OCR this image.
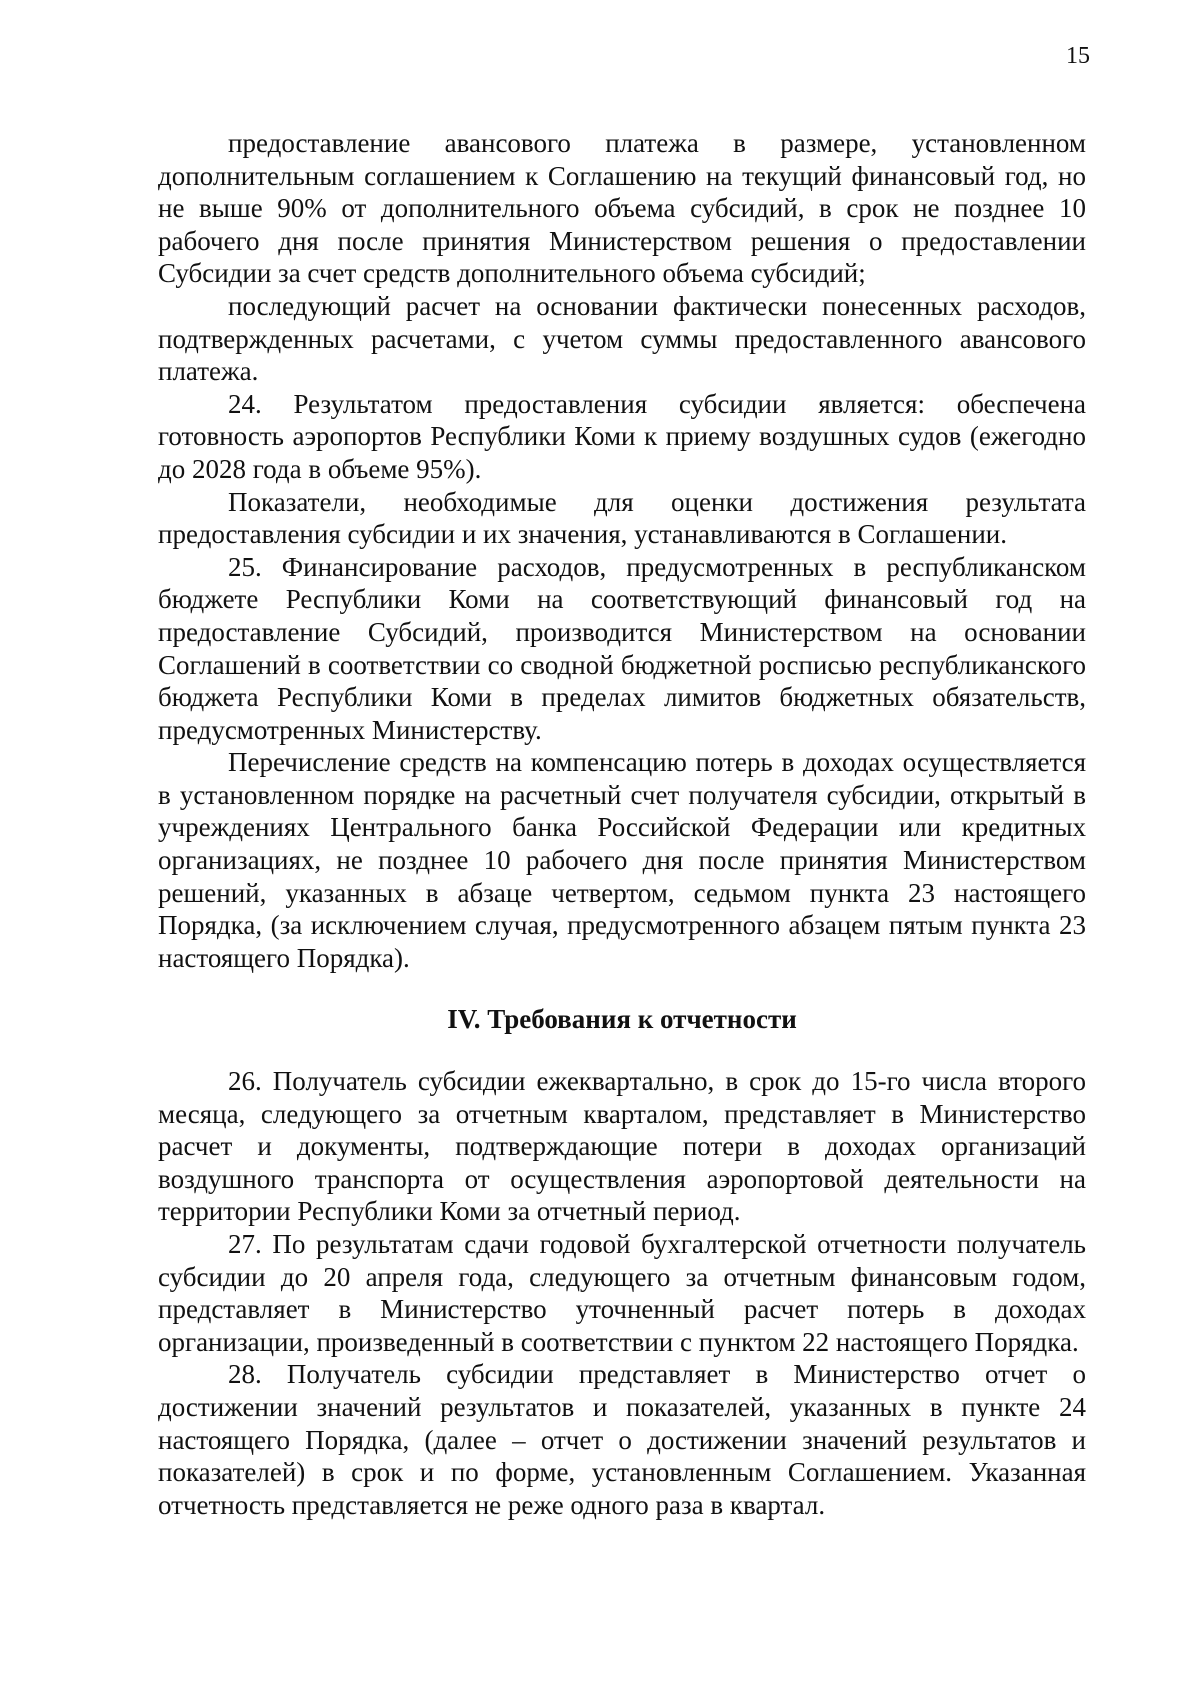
15

предоставление авансового платежа в размере, установленном дополнительным соглашением к Соглашению на текущий финансовый год, но не выше 90% от дополнительного объема субсидий, в срок не позднее 10 рабочего дня после принятия Министерством решения о предоставлении Субсидии за счет средств дополнительного объема субсидий;

последующий расчет на основании фактически понесенных расходов, подтвержденных расчетами, с учетом суммы предоставленного авансового платежа.

24. Результатом предоставления субсидии является: обеспечена готовность аэропортов Республики Коми к приему воздушных судов (ежегодно до 2028 года в объеме 95%).

Показатели, необходимые для оценки достижения результата предоставления субсидии и их значения, устанавливаются в Соглашении.

25. Финансирование расходов, предусмотренных в республиканском бюджете Республики Коми на соответствующий финансовый год на предоставление Субсидий, производится Министерством на основании Соглашений в соответствии со сводной бюджетной росписью республиканского бюджета Республики Коми в пределах лимитов бюджетных обязательств, предусмотренных Министерству.

Перечисление средств на компенсацию потерь в доходах осуществляется в установленном порядке на расчетный счет получателя субсидии, открытый в учреждениях Центрального банка Российской Федерации или кредитных организациях, не позднее 10 рабочего дня после принятия Министерством решений, указанных в абзаце четвертом, седьмом пункта 23 настоящего Порядка, (за исключением случая, предусмотренного абзацем пятым пункта 23 настоящего Порядка).

IV. Требования к отчетности

26. Получатель субсидии ежеквартально, в срок до 15-го числа второго месяца, следующего за отчетным кварталом, представляет в Министерство расчет и документы, подтверждающие потери в доходах организаций воздушного транспорта от осуществления аэропортовой деятельности на территории Республики Коми за отчетный период.

27. По результатам сдачи годовой бухгалтерской отчетности получатель субсидии до 20 апреля года, следующего за отчетным финансовым годом, представляет в Министерство уточненный расчет потерь в доходах организации, произведенный в соответствии с пунктом 22 настоящего Порядка.

28. Получатель субсидии представляет в Министерство отчет о достижении значений результатов и показателей, указанных в пункте 24 настоящего Порядка, (далее – отчет о достижении значений результатов и показателей) в срок и по форме, установленным Соглашением. Указанная отчетность представляется не реже одного раза в квартал.
